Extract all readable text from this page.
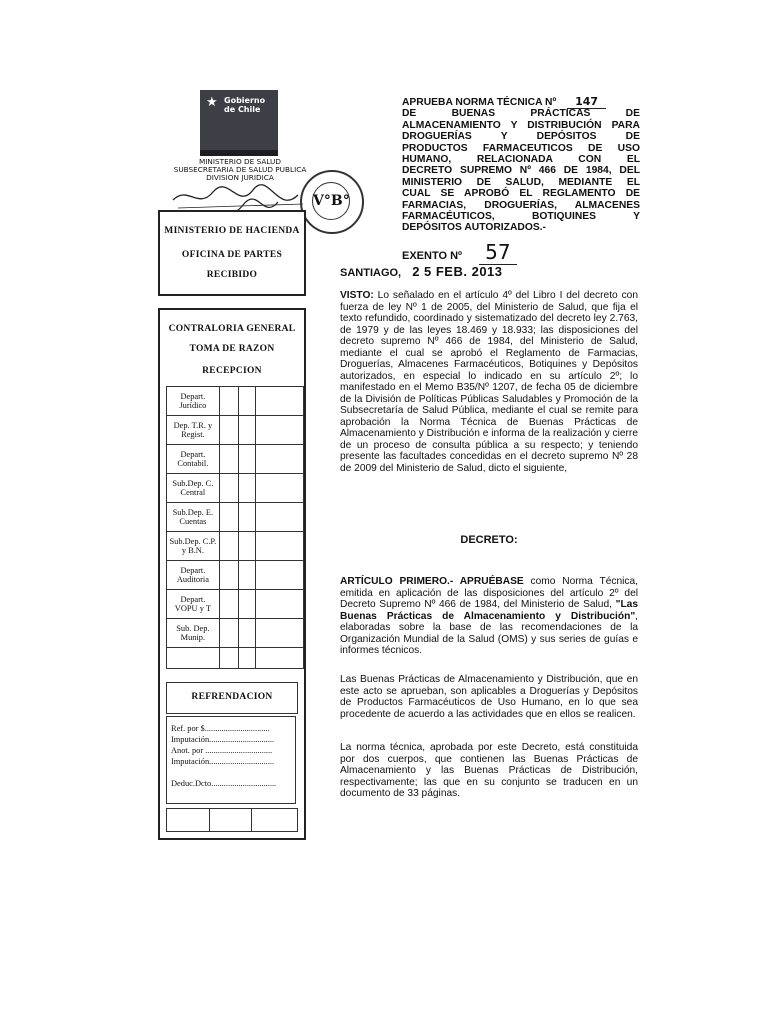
★ Gobierno
de Chile
MINISTERIO DE SALUD
SUBSECRETARIA DE SALUD PUBLICA
DIVISION JURIDICA
V°B°
MINISTERIO DE HACIENDA
OFICINA DE PARTES
RECIBIDO
CONTRALORIA GENERAL
TOMA DE RAZON
RECEPCION
Depart. Jurídico			
Dep. T.R. y Regist.			
Depart. Contabil.			
Sub.Dep. C. Central			
Sub.Dep. E. Cuentas			
Sub.Dep. C.P. y B.N.			
Depart. Auditoria			
Depart. VOPU y T			
Sub. Dep. Munip.			

REFRENDACION
Ref. por $...............................
Imputación...............................
Anot. por ................................
Imputación...............................

Deduc.Dcto...............................
APRUEBA NORMA TÉCNICA Nº 147
DE BUENAS PRÁCTICAS DE
ALMACENAMIENTO Y DISTRIBUCIÓN PARA
DROGUERÍAS Y DEPÓSITOS DE
PRODUCTOS FARMACEUTICOS DE USO
HUMANO, RELACIONADA CON EL
DECRETO SUPREMO Nº 466 DE 1984, DEL
MINISTERIO DE SALUD, MEDIANTE EL
CUAL SE APROBÓ EL REGLAMENTO DE
FARMACIAS, DROGUERÍAS, ALMACENES
FARMACÉUTICOS, BOTIQUINES Y
DEPÓSITOS AUTORIZADOS.-
EXENTO Nº 57
SANTIAGO, 2 5 FEB. 2013
VISTO: Lo señalado en el artículo 4º del Libro I del decreto con fuerza de ley Nº 1 de 2005, del Ministerio de Salud, que fija el texto refundido, coordinado y sistematizado del decreto ley 2.763, de 1979 y de las leyes 18.469 y 18.933; las disposiciones del decreto supremo Nº 466 de 1984, del Ministerio de Salud, mediante el cual se aprobó el Reglamento de Farmacias, Droguerías, Almacenes Farmacéuticos, Botiquines y Depósitos autorizados, en especial lo indicado en su artículo 2º; lo manifestado en el Memo B35/Nº 1207, de fecha 05 de diciembre de la División de Políticas Públicas Saludables y Promoción de la Subsecretaría de Salud Pública, mediante el cual se remite para aprobación la Norma Técnica de Buenas Prácticas de Almacenamiento y Distribución e informa de la realización y cierre de un proceso de consulta pública a su respecto; y teniendo presente las facultades concedidas en el decreto supremo Nº 28 de 2009 del Ministerio de Salud, dicto el siguiente,
DECRETO:
ARTÍCULO PRIMERO.- APRUÉBASE como Norma Técnica, emitida en aplicación de las disposiciones del artículo 2º del Decreto Supremo Nº 466 de 1984, del Ministerio de Salud, "Las Buenas Prácticas de Almacenamiento y Distribución", elaboradas sobre la base de las recomendaciones de la Organización Mundial de la Salud (OMS) y sus series de guías e informes técnicos.
Las Buenas Prácticas de Almacenamiento y Distribución, que en este acto se aprueban, son aplicables a Droguerías y Depósitos de Productos Farmacéuticos de Uso Humano, en lo que sea procedente de acuerdo a las actividades que en ellos se realicen.
La norma técnica, aprobada por este Decreto, está constituida por dos cuerpos, que contienen las Buenas Prácticas de Almacenamiento y las Buenas Prácticas de Distribución, respectivamente; las que en su conjunto se traducen en un documento de 33 páginas.
